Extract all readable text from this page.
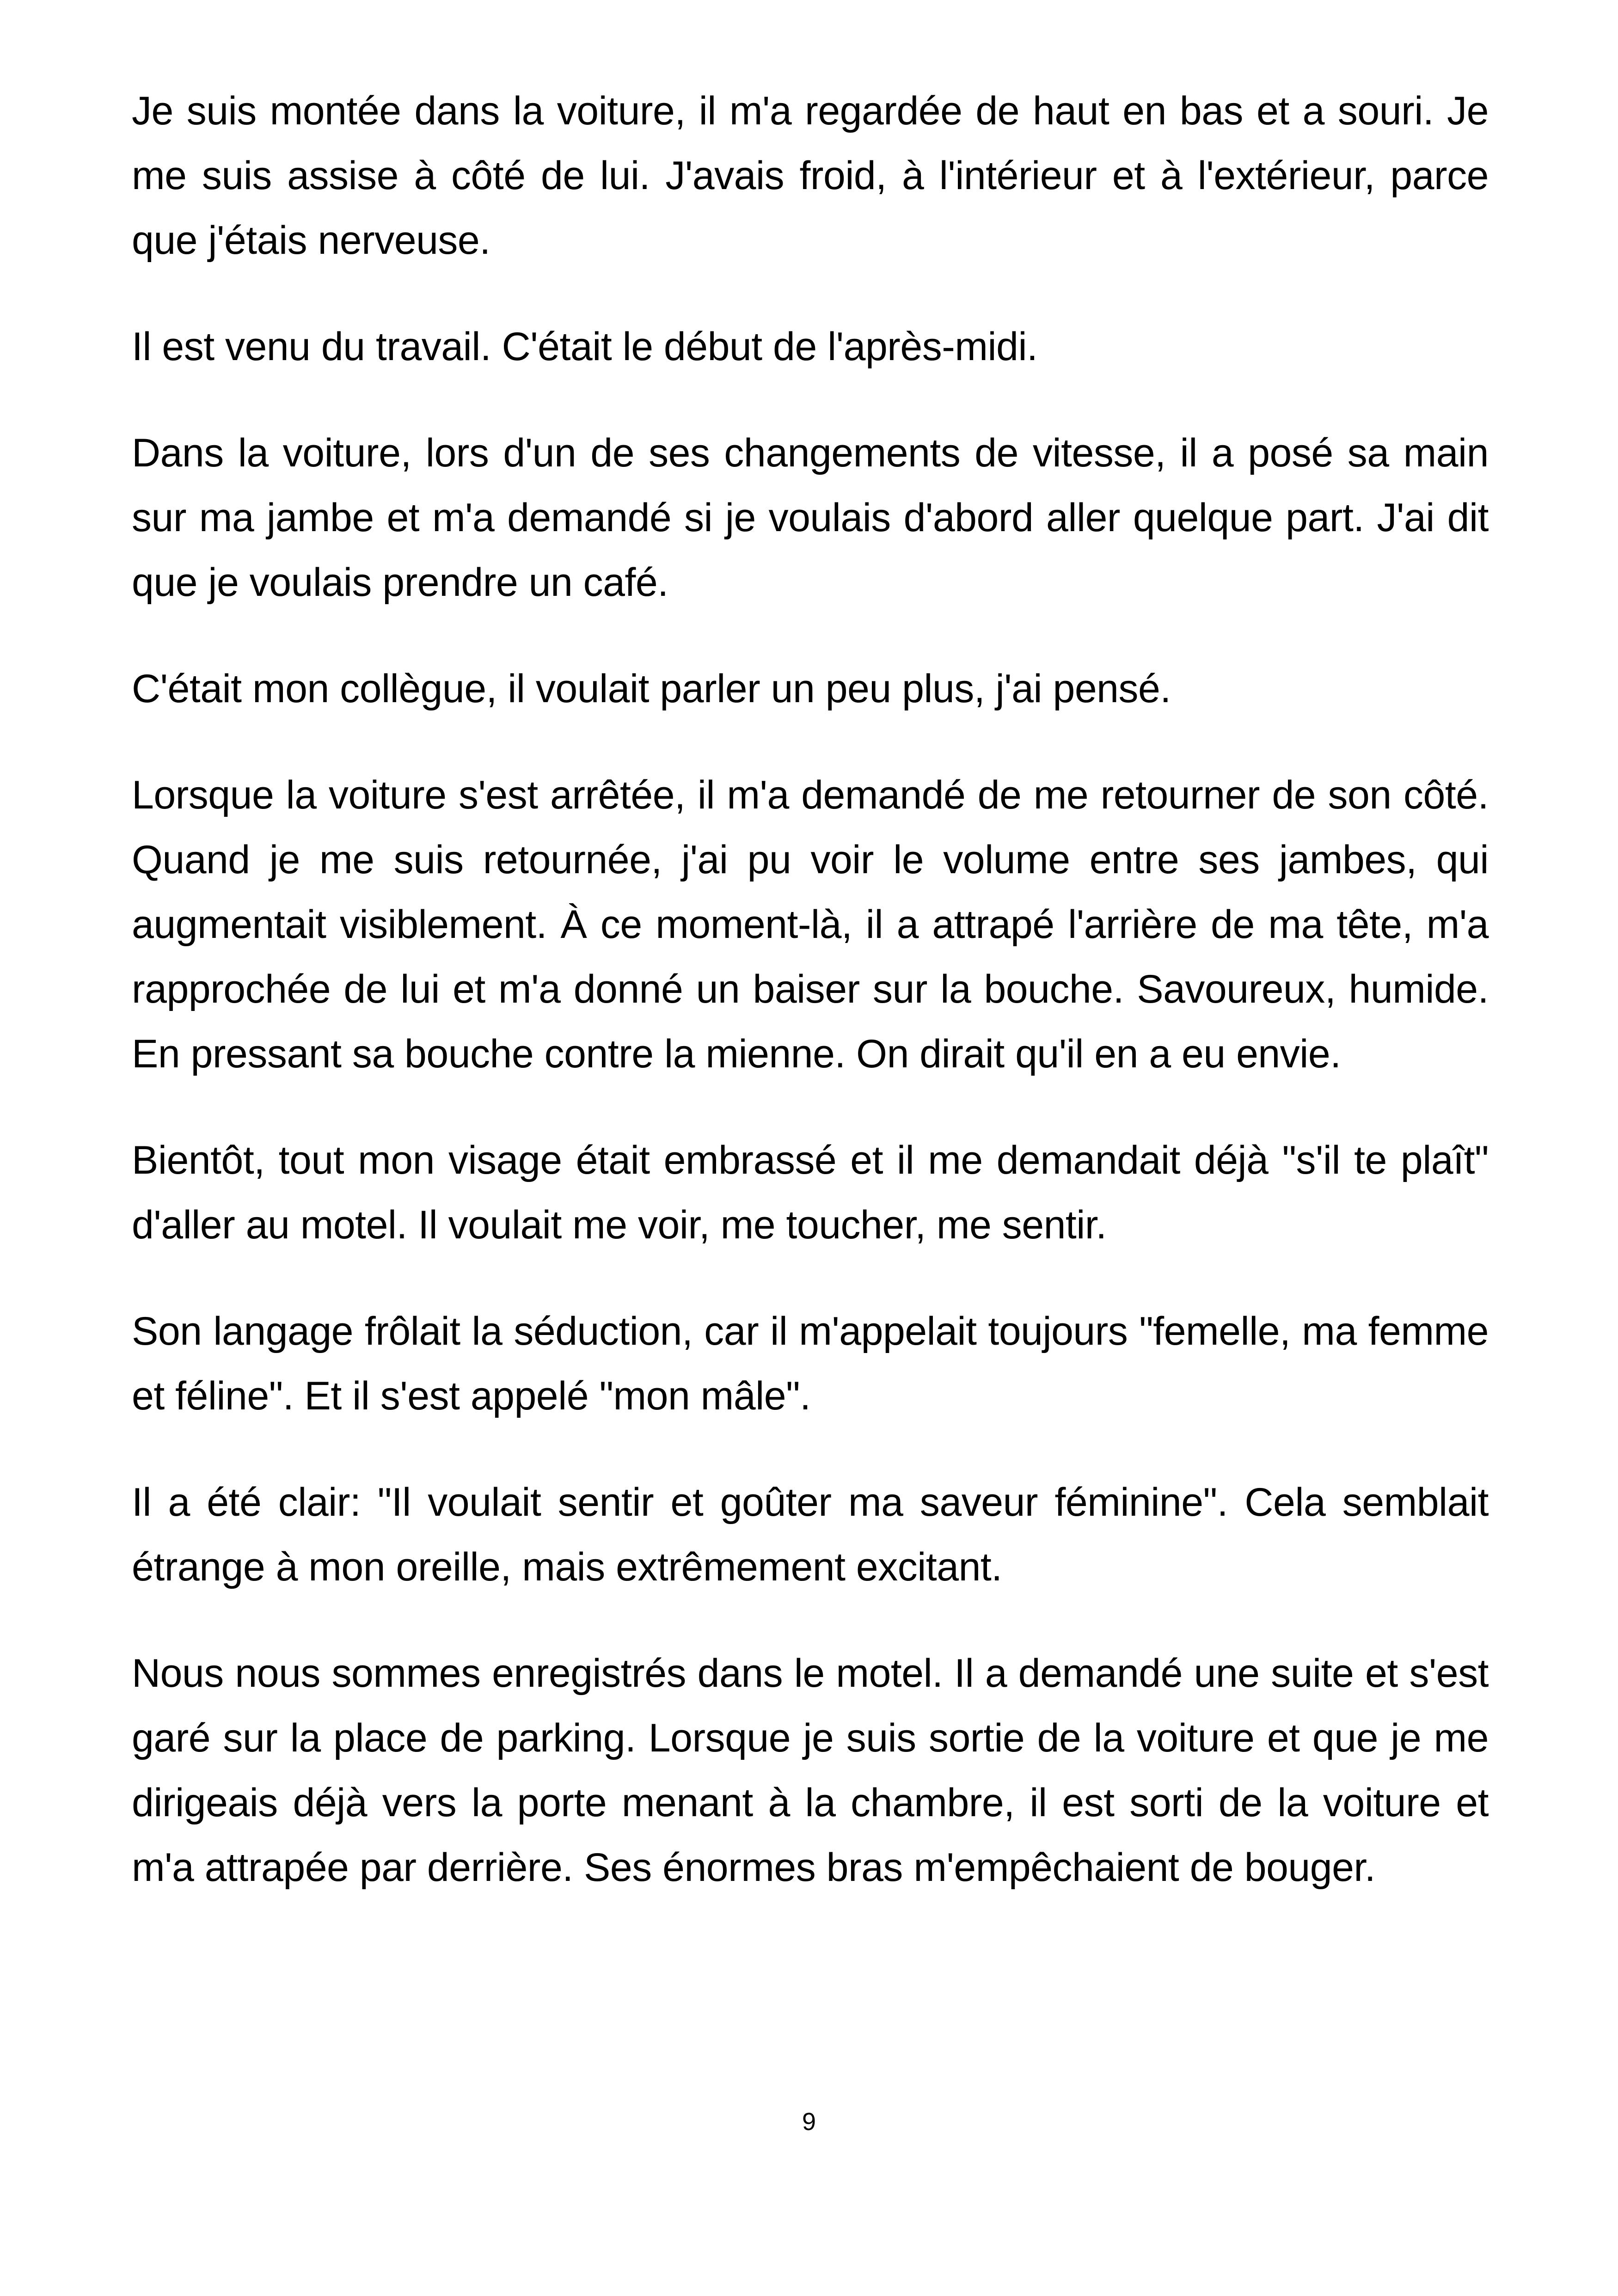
Je suis montée dans la voiture, il m'a regardée de haut en bas et a souri. Je me suis assise à côté de lui. J'avais froid, à l'intérieur et à l'extérieur, parce que j'étais nerveuse.

Il est venu du travail. C'était le début de l'après-midi.

Dans la voiture, lors d'un de ses changements de vitesse, il a posé sa main sur ma jambe et m'a demandé si je voulais d'abord aller quelque part. J'ai dit que je voulais prendre un café.

C'était mon collègue, il voulait parler un peu plus, j'ai pensé.

Lorsque la voiture s'est arrêtée, il m'a demandé de me retourner de son côté. Quand je me suis retournée, j'ai pu voir le volume entre ses jambes, qui augmentait visiblement. À ce moment-là, il a attrapé l'arrière de ma tête, m'a rapprochée de lui et m'a donné un baiser sur la bouche. Savoureux, humide. En pressant sa bouche contre la mienne. On dirait qu'il en a eu envie.

Bientôt, tout mon visage était embrassé et il me demandait déjà "s'il te plaît" d'aller au motel. Il voulait me voir, me toucher, me sentir.

Son langage frôlait la séduction, car il m'appelait toujours "femelle, ma femme et féline". Et il s'est appelé "mon mâle".

Il a été clair: "Il voulait sentir et goûter ma saveur féminine". Cela semblait étrange à mon oreille, mais extrêmement excitant.

Nous nous sommes enregistrés dans le motel. Il a demandé une suite et s'est garé sur la place de parking. Lorsque je suis sortie de la voiture et que je me dirigeais déjà vers la porte menant à la chambre, il est sorti de la voiture et m'a attrapée par derrière. Ses énormes bras m'empêchaient de bouger.

9
